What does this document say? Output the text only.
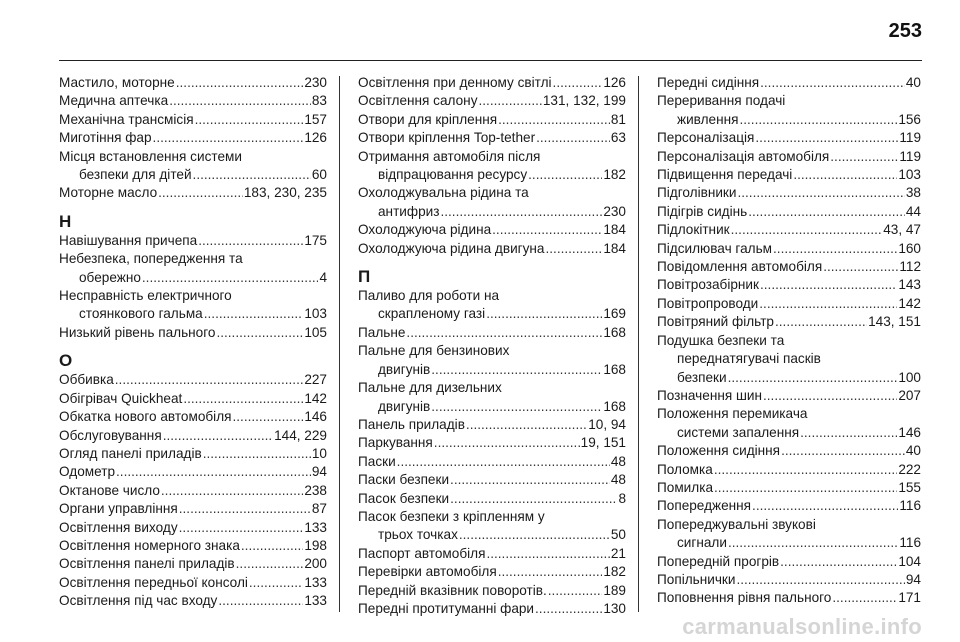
253
Мастило, моторне .....	230
Медична аптечка .....	83
Механічна трансмісія .....	157
Миготіння фар .....	126
Місця встановлення системи
безпеки для дітей .....	60
Моторне масло .....	183, 230, 235
Н
Навішування причепа .....	175
Небезпека, попередження та
обережно .....	4
Несправність електричного
стоянкового гальма .....	103
Низький рівень пального .....	105
О
Оббивка .....	227
Обігрівач Quickheat .....	142
Обкатка нового автомобіля .....	146
Обслуговування .....	144, 229
Огляд панелі приладів .....	10
Одометр .....	94
Октанове число .....	238
Органи управління .....	87
Освітлення виходу .....	133
Освітлення номерного знака .....	198
Освітлення панелі приладів .....	200
Освітлення передньої консолі .....	133
Освітлення під час входу .....	133
Освітлення при денному світлі .....	126
Освітлення салону .....	131, 132, 199
Отвори для кріплення .....	81
Отвори кріплення Top-tether .....	63
Отримання автомобіля після
відпрацювання ресурсу .....	182
Охолоджувальна рідина та
антифриз .....	230
Охолоджуюча рідина .....	184
Охолоджуюча рідина двигуна .....	184
П
Паливо для роботи на
скрапленому газі .....	169
Пальне .....	168
Пальне для бензинових
двигунів .....	168
Пальне для дизельних
двигунів .....	168
Панель приладів .....	10, 94
Паркування .....	19, 151
Паски .....	48
Паски безпеки .....	48
Пасок безпеки .....	8
Пасок безпеки з кріпленням у
трьох точках .....	50
Паспорт автомобіля .....	21
Перевірки автомобіля .....	182
Передній вказівник поворотів. .....	189
Передні протитуманні фари .....	130
Передні сидіння .....	40
Переривання подачі
живлення .....	156
Персоналізація .....	119
Персоналізація автомобіля .....	119
Підвищення передачі .....	103
Підголівники .....	38
Підігрів сидінь .....	44
Підлокітник .....	43, 47
Підсилювач гальм .....	160
Повідомлення автомобіля .....	112
Повітрозабірник .....	143
Повітропроводи .....	142
Повітряний фільтр .....	143, 151
Подушка безпеки та
переднатягувачі пасків
безпеки .....	100
Позначення шин .....	207
Положення перемикача
системи запалення .....	146
Положення сидіння .....	40
Поломка .....	222
Помилка .....	155
Попередження .....	116
Попереджувальні звукові
сигнали .....	116
Попередній прогрів .....	104
Попільнички .....	94
Поповнення рівня пального .....	171
carmanualsonline.info
